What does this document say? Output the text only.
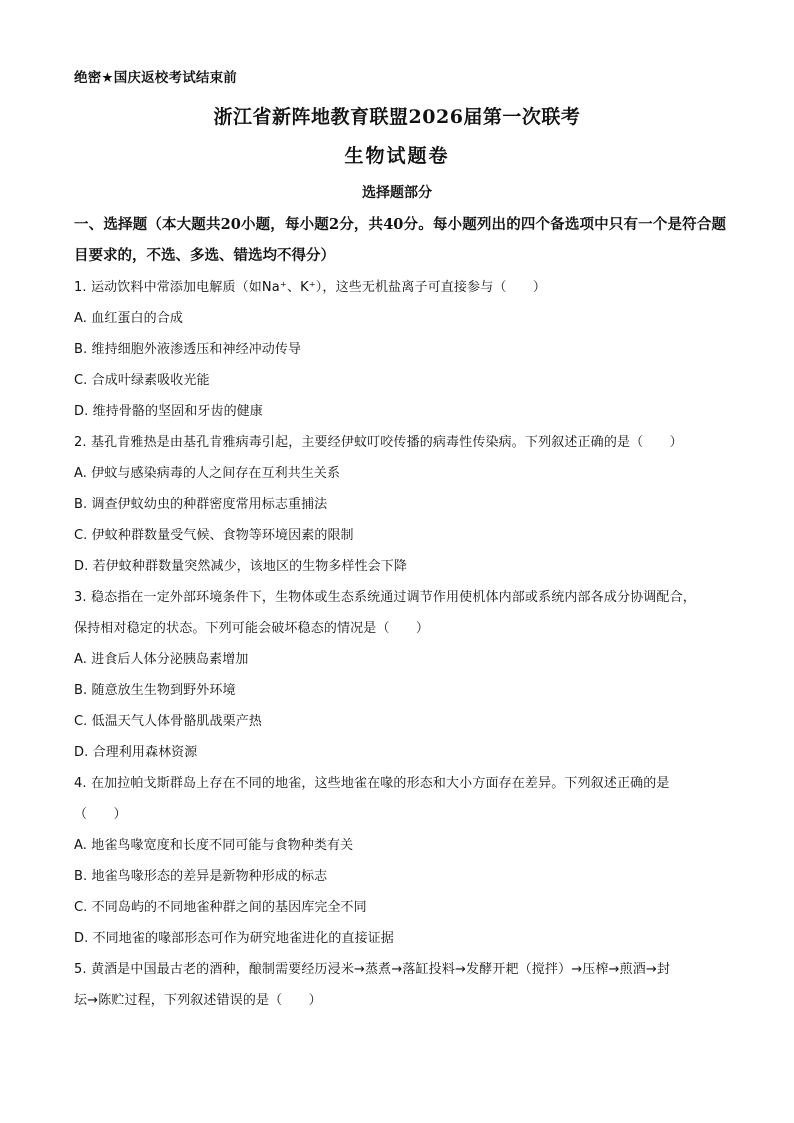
绝密★国庆返校考试结束前
浙江省新阵地教育联盟2026届第一次联考
生物试题卷
选择题部分
一、选择题（本大题共20小题，每小题2分，共40分。每小题列出的四个备选项中只有一个是符合题目要求的，不选、多选、错选均不得分）
1. 运动饮料中常添加电解质（如Na⁺、K⁺），这些无机盐离子可直接参与（　　）
A. 血红蛋白的合成
B. 维持细胞外液渗透压和神经冲动传导
C. 合成叶绿素吸收光能
D. 维持骨骼的坚固和牙齿的健康
2. 基孔肯雅热是由基孔肯雅病毒引起，主要经伊蚊叮咬传播的病毒性传染病。下列叙述正确的是（　　）
A. 伊蚊与感染病毒的人之间存在互利共生关系
B. 调查伊蚊幼虫的种群密度常用标志重捕法
C. 伊蚊种群数量受气候、食物等环境因素的限制
D. 若伊蚊种群数量突然减少，该地区的生物多样性会下降
3. 稳态指在一定外部环境条件下，生物体或生态系统通过调节作用使机体内部或系统内部各成分协调配合，
保持相对稳定的状态。下列可能会破坏稳态的情况是（　　）
A. 进食后人体分泌胰岛素增加
B. 随意放生生物到野外环境
C. 低温天气人体骨骼肌战栗产热
D. 合理利用森林资源
4. 在加拉帕戈斯群岛上存在不同的地雀，这些地雀在喙的形态和大小方面存在差异。下列叙述正确的是
（　　）
A. 地雀鸟喙宽度和长度不同可能与食物种类有关
B. 地雀鸟喙形态的差异是新物种形成的标志
C. 不同岛屿的不同地雀种群之间的基因库完全不同
D. 不同地雀的喙部形态可作为研究地雀进化的直接证据
5. 黄酒是中国最古老的酒种，酿制需要经历浸米→蒸煮→落缸投料→发酵开耙（搅拌）→压榨→煎酒→封
坛→陈贮过程，下列叙述错误的是（　　）
